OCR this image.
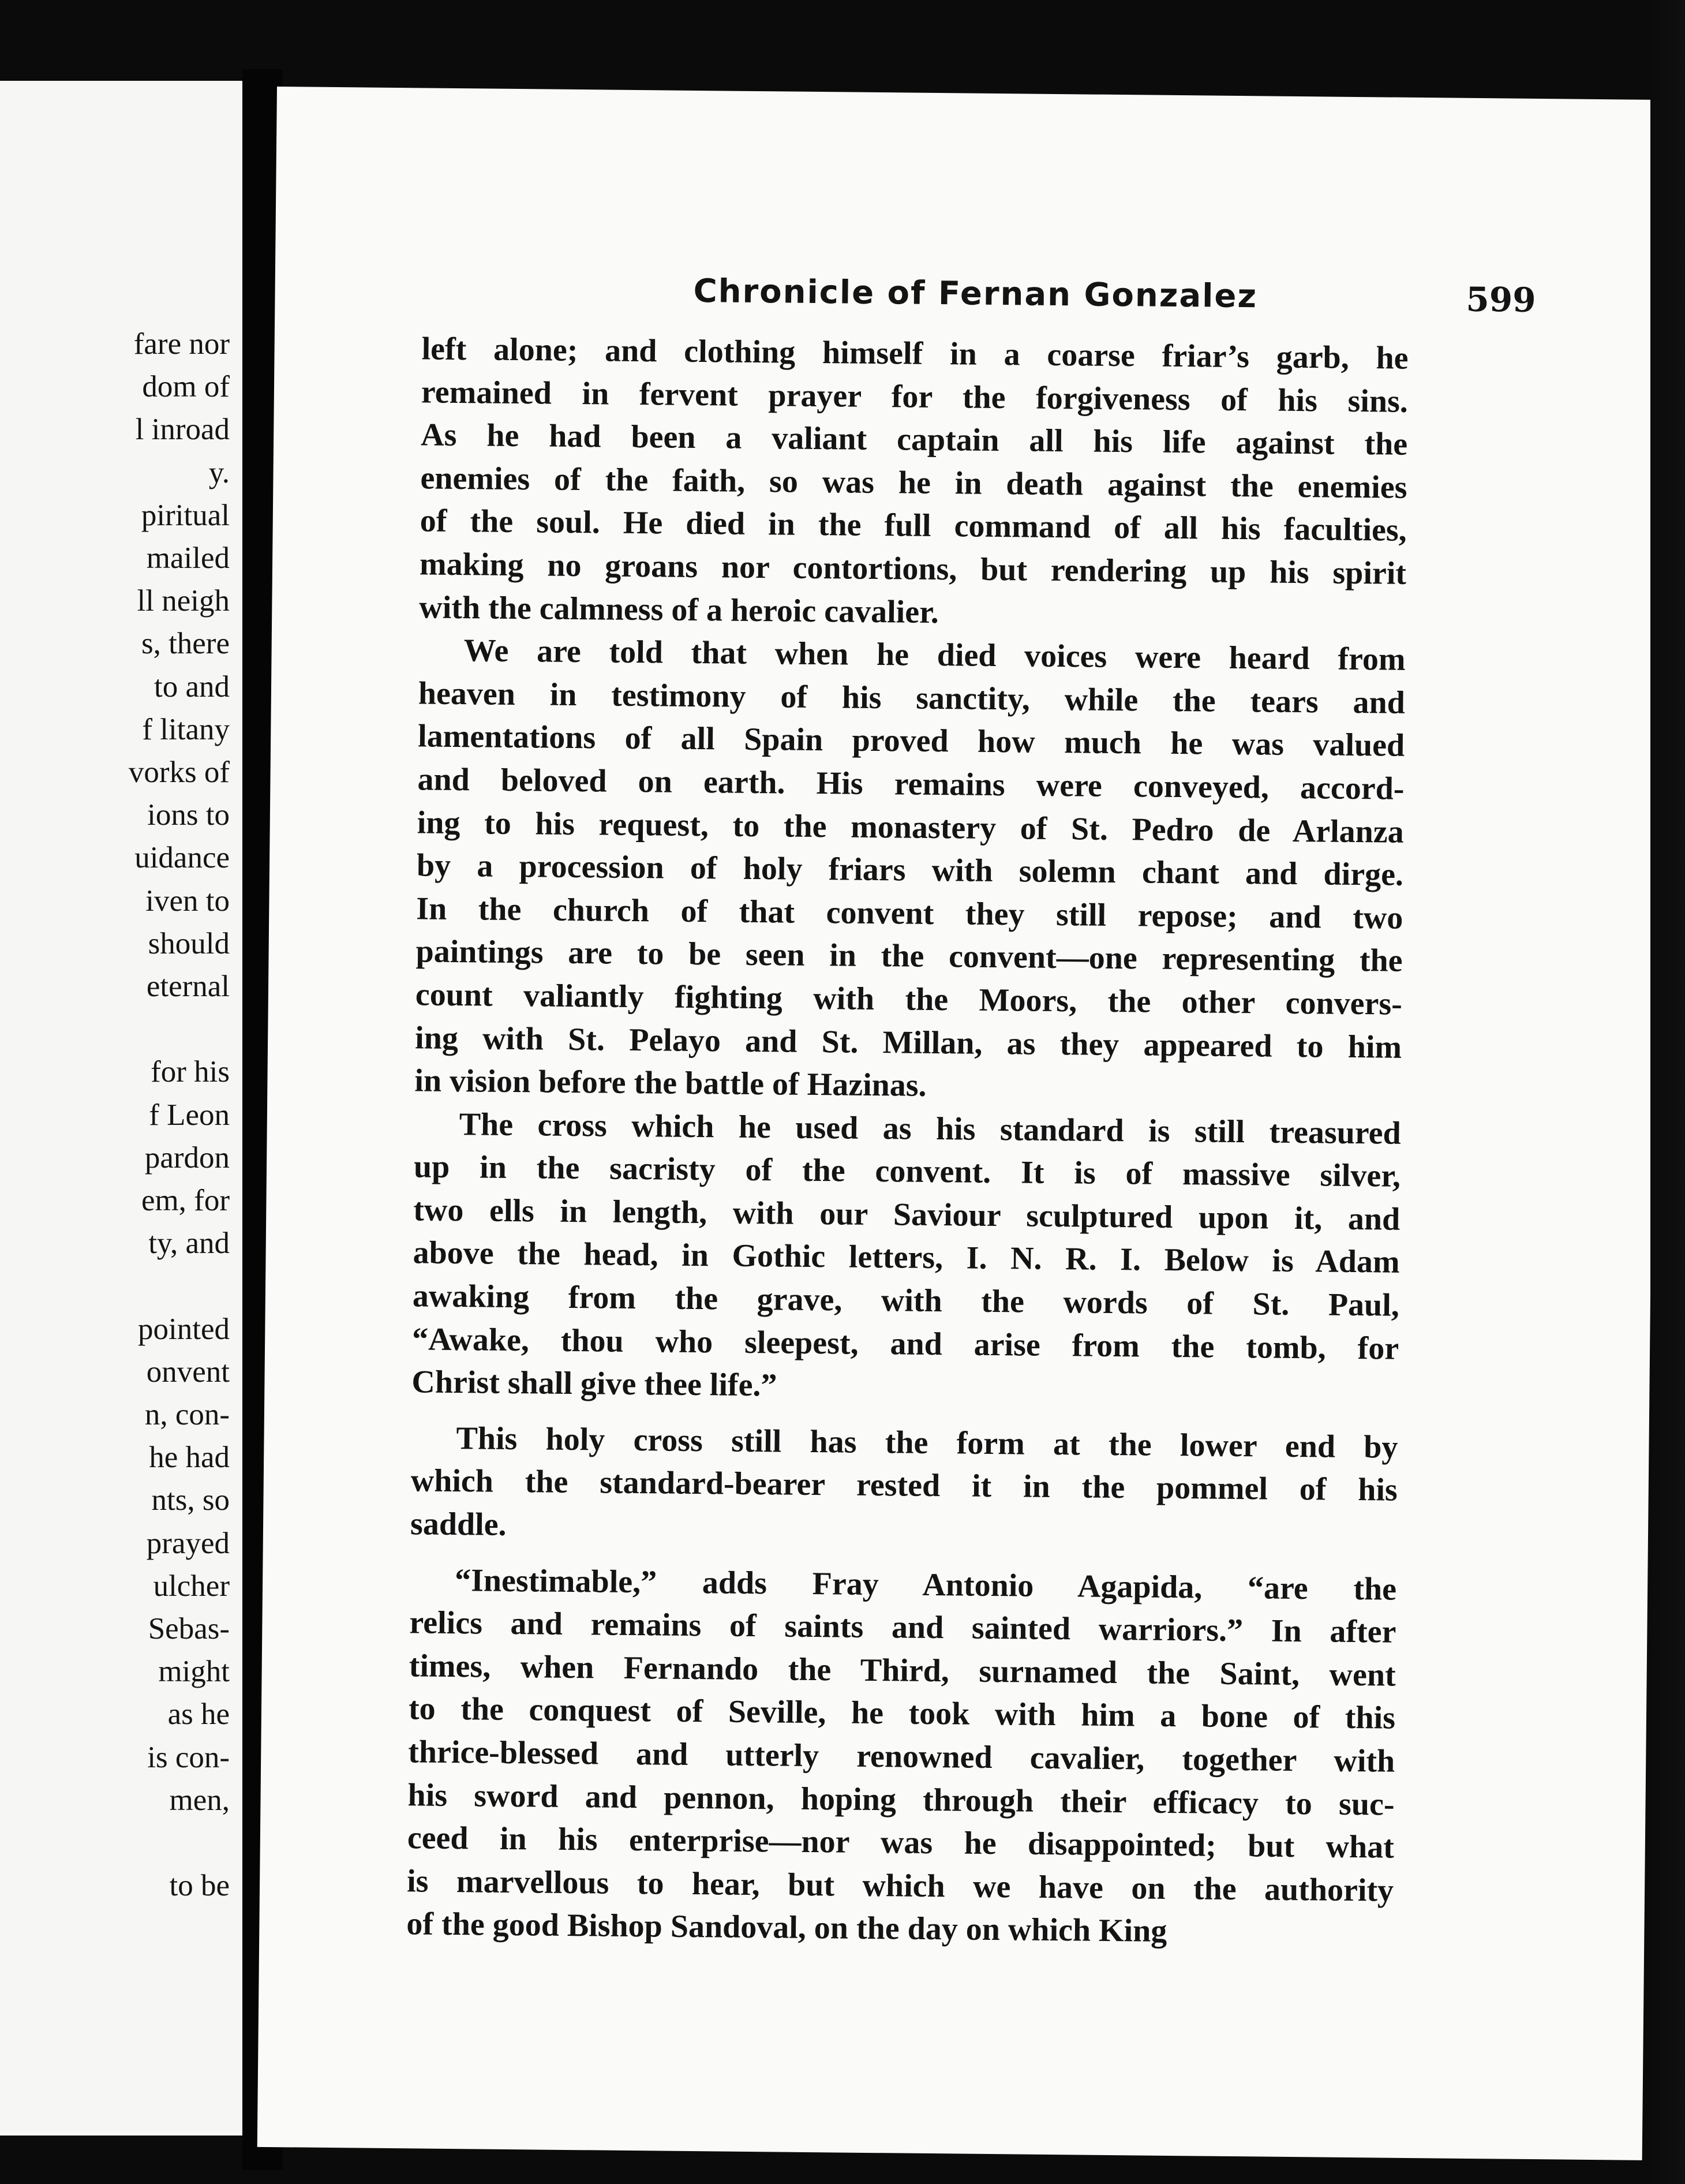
fare nor
dom of
l inroad
y.
piritual
mailed
ll neigh
s, there
to and
f litany
vorks of
ions to
uidance
iven to
should
eternal
for his
f Leon
pardon
em, for
ty, and
pointed
onvent
n, con-
he had
nts, so
prayed
ulcher
Sebas-
might
as he
is con-
men,
to be
Chronicle of Fernan Gonzalez	599
left alone; and clothing himself in a coarse friar’s garb, he
remained in fervent prayer for the forgiveness of his sins.
As he had been a valiant captain all his life against the
enemies of the faith, so was he in death against the enemies
of the soul. He died in the full command of all his faculties,
making no groans nor contortions, but rendering up his spirit
with the calmness of a heroic cavalier.
We are told that when he died voices were heard from
heaven in testimony of his sanctity, while the tears and
lamentations of all Spain proved how much he was valued
and beloved on earth. His remains were conveyed, accord-
ing to his request, to the monastery of St. Pedro de Arlanza
by a procession of holy friars with solemn chant and dirge.
In the church of that convent they still repose; and two
paintings are to be seen in the convent—one representing the
count valiantly fighting with the Moors, the other convers-
ing with St. Pelayo and St. Millan, as they appeared to him
in vision before the battle of Hazinas.
The cross which he used as his standard is still treasured
up in the sacristy of the convent. It is of massive silver,
two ells in length, with our Saviour sculptured upon it, and
above the head, in Gothic letters, I. N. R. I. Below is Adam
awaking from the grave, with the words of St. Paul,
“Awake, thou who sleepest, and arise from the tomb, for
Christ shall give thee life.”
This holy cross still has the form at the lower end by
which the standard-bearer rested it in the pommel of his
saddle.
“Inestimable,” adds Fray Antonio Agapida, “are the
relics and remains of saints and sainted warriors.” In after
times, when Fernando the Third, surnamed the Saint, went
to the conquest of Seville, he took with him a bone of this
thrice-blessed and utterly renowned cavalier, together with
his sword and pennon, hoping through their efficacy to suc-
ceed in his enterprise—nor was he disappointed; but what
is marvellous to hear, but which we have on the authority
of the good Bishop Sandoval, on the day on which King
